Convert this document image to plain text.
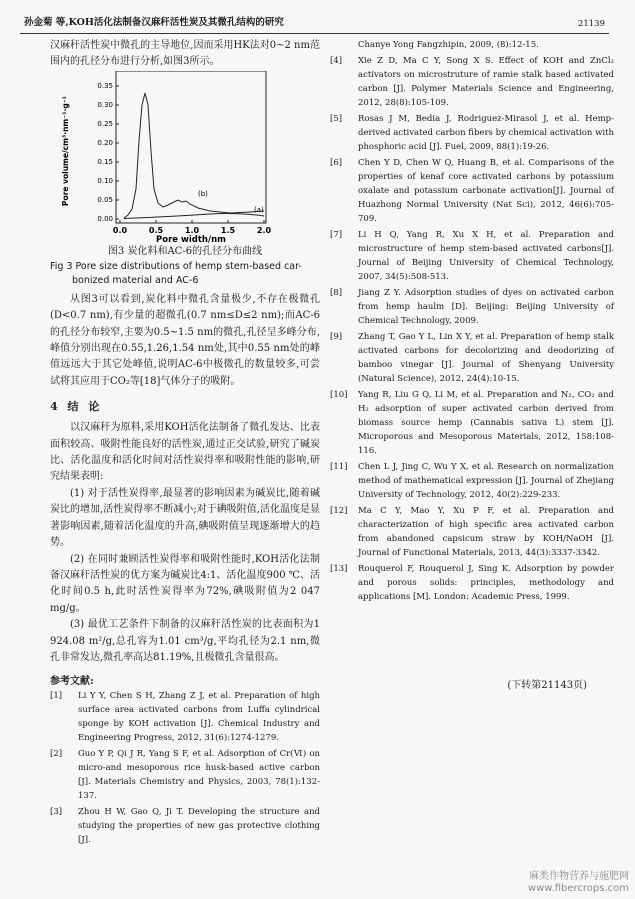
孙金菊 等,KOH活化法制备汉麻秆活性炭及其微孔结构的研究	21139

汉麻秆活性炭中微孔的主导地位,因而采用HK法对0~2 nm范围内的孔径分布进行分析,如图3所示。

0.00
0.05
0.10
0.15
0.20
0.25
0.30
0.35
0.0	0.5	1.0	1.5	2.0
Pore width/nm
Pore volume/cm³·nm⁻¹·g⁻¹	(b)
(a)
图3 炭化料和AC-6的孔径分布曲线
Fig 3 Pore size distributions of hemp stem-based car-
bonized material and AC-6

从图3可以看到,炭化料中微孔含量极少,不存在极微孔(D<0.7 nm),有少量的超微孔(0.7 nm≤D≤2 nm);而AC-6的孔径分布较窄,主要为0.5~1.5 nm的微孔,孔径呈多峰分布,峰值分别出现在0.55,1.26,1.54 nm处,其中0.55 nm处的峰值远远大于其它处峰值,说明AC-6中极微孔的数量较多,可尝试将其应用于CO₂等[18]气体分子的吸附。

4 结 论

以汉麻秆为原料,采用KOH活化法制备了微孔发达、比表面积较高、吸附性能良好的活性炭,通过正交试验,研究了碱炭比、活化温度和活化时间对活性炭得率和吸附性能的影响,研究结果表明:

(1) 对于活性炭得率,最显著的影响因素为碱炭比,随着碱炭比的增加,活性炭得率不断减小;对于碘吸附值,活化温度是显著影响因素,随着活化温度的升高,碘吸附值呈现逐渐增大的趋势。

(2) 在同时兼顾活性炭得率和吸附性能时,KOH活化法制备汉麻秆活性炭的优方案为碱炭比4:1、活化温度900 ℃、活化时间0.5 h,此时活性炭得率为72%,碘吸附值为2 047 mg/g。

(3) 最优工艺条件下制备的汉麻秆活性炭的比表面积为1 924.08 m²/g,总孔容为1.01 cm³/g,平均孔径为2.1 nm,微孔非常发达,微孔率高达81.19%,且极微孔含量很高。

参考文献:
[1]	Li Y Y, Chen S H, Zhang Z J, et al. Preparation of high surface area activated carbons from Luffa cylindrical sponge by KOH activation [J]. Chemical Industry and Engineering Progress, 2012, 31(6):1274-1279.
[2]	Guo Y P, Qi J R, Yang S F, et al. Adsorption of Cr(Ⅵ) on micro-and mesoporous rice husk-based active carbon [J]. Materials Chemistry and Physics, 2003, 78(1):132-137.
[3]	Zhou H W, Gao Q, Ji T. Developing the structure and studying the properties of new gas protective clothing [J].
Chanye Yong Fangzhipin, 2009, (8):12-15.
[4]	Xie Z D, Ma C Y, Song X S. Effect of KOH and ZnCl₂ activators on microstruture of ramie stalk based activated carbon [J]. Polymer Materials Science and Engineering, 2012, 28(8):105-109.
[5]	Rosas J M, Bedia J, Rodriguez-Mirasol J, et al. Hemp-derived activated carbon fibers by chemical activation with phosphoric acid [J]. Fuel, 2009, 88(1):19-26.
[6]	Chen Y D, Chen W Q, Huang B, et al. Comparisons of the properties of kenaf core activated carbons by potassium oxalate and potassium carbonate activation[J]. Journal of Huazhong Normal University (Nat Sci), 2012, 46(6):705-709.
[7]	Li H Q, Yang R, Xu X H, et al. Preparation and microstructure of hemp stem-based activated carbons[J]. Journal of Beijing University of Chemical Technology, 2007, 34(5):508-513.
[8]	Jiang Z Y. Adsorption studies of dyes on activated carbon from hemp haulm [D]. Beijing: Beijing University of Chemical Technology, 2009.
[9]	Zhang T, Gao Y L, Lin X Y, et al. Preparation of hemp stalk activated carbons for decolorizing and deodorizing of bamboo vinegar [J]. Journal of Shenyang University (Natural Science), 2012, 24(4):10-15.
[10]	Yang R, Liu G Q, Li M, et al. Preparation and N₂, CO₂ and H₂ adsorption of super activated carbon derived from biomass source hemp (Cannabis sativa L) stem [J]. Microporous and Mesoporous Materials, 2012, 158:108-116.
[11]	Chen L J, Jing C, Wu Y X, et al. Research on normalization method of mathematical expression [J]. Journal of Zhejiang University of Technology, 2012, 40(2):229-233.
[12]	Ma C Y, Mao Y, Xu P F, et al. Preparation and characterization of high specific area activated carbon from abandoned capsicum straw by KOH/NaOH [J]. Journal of Functional Materials, 2013, 44(3):3337-3342.
[13]	Rouquerol F, Rouquerol J, Sing K. Adsorption by powder and porous solids: principles, methodology and applications [M]. London: Academic Press, 1999.
(下转第21143页)
麻类作物营养与施肥网
www.fibercrops.com
